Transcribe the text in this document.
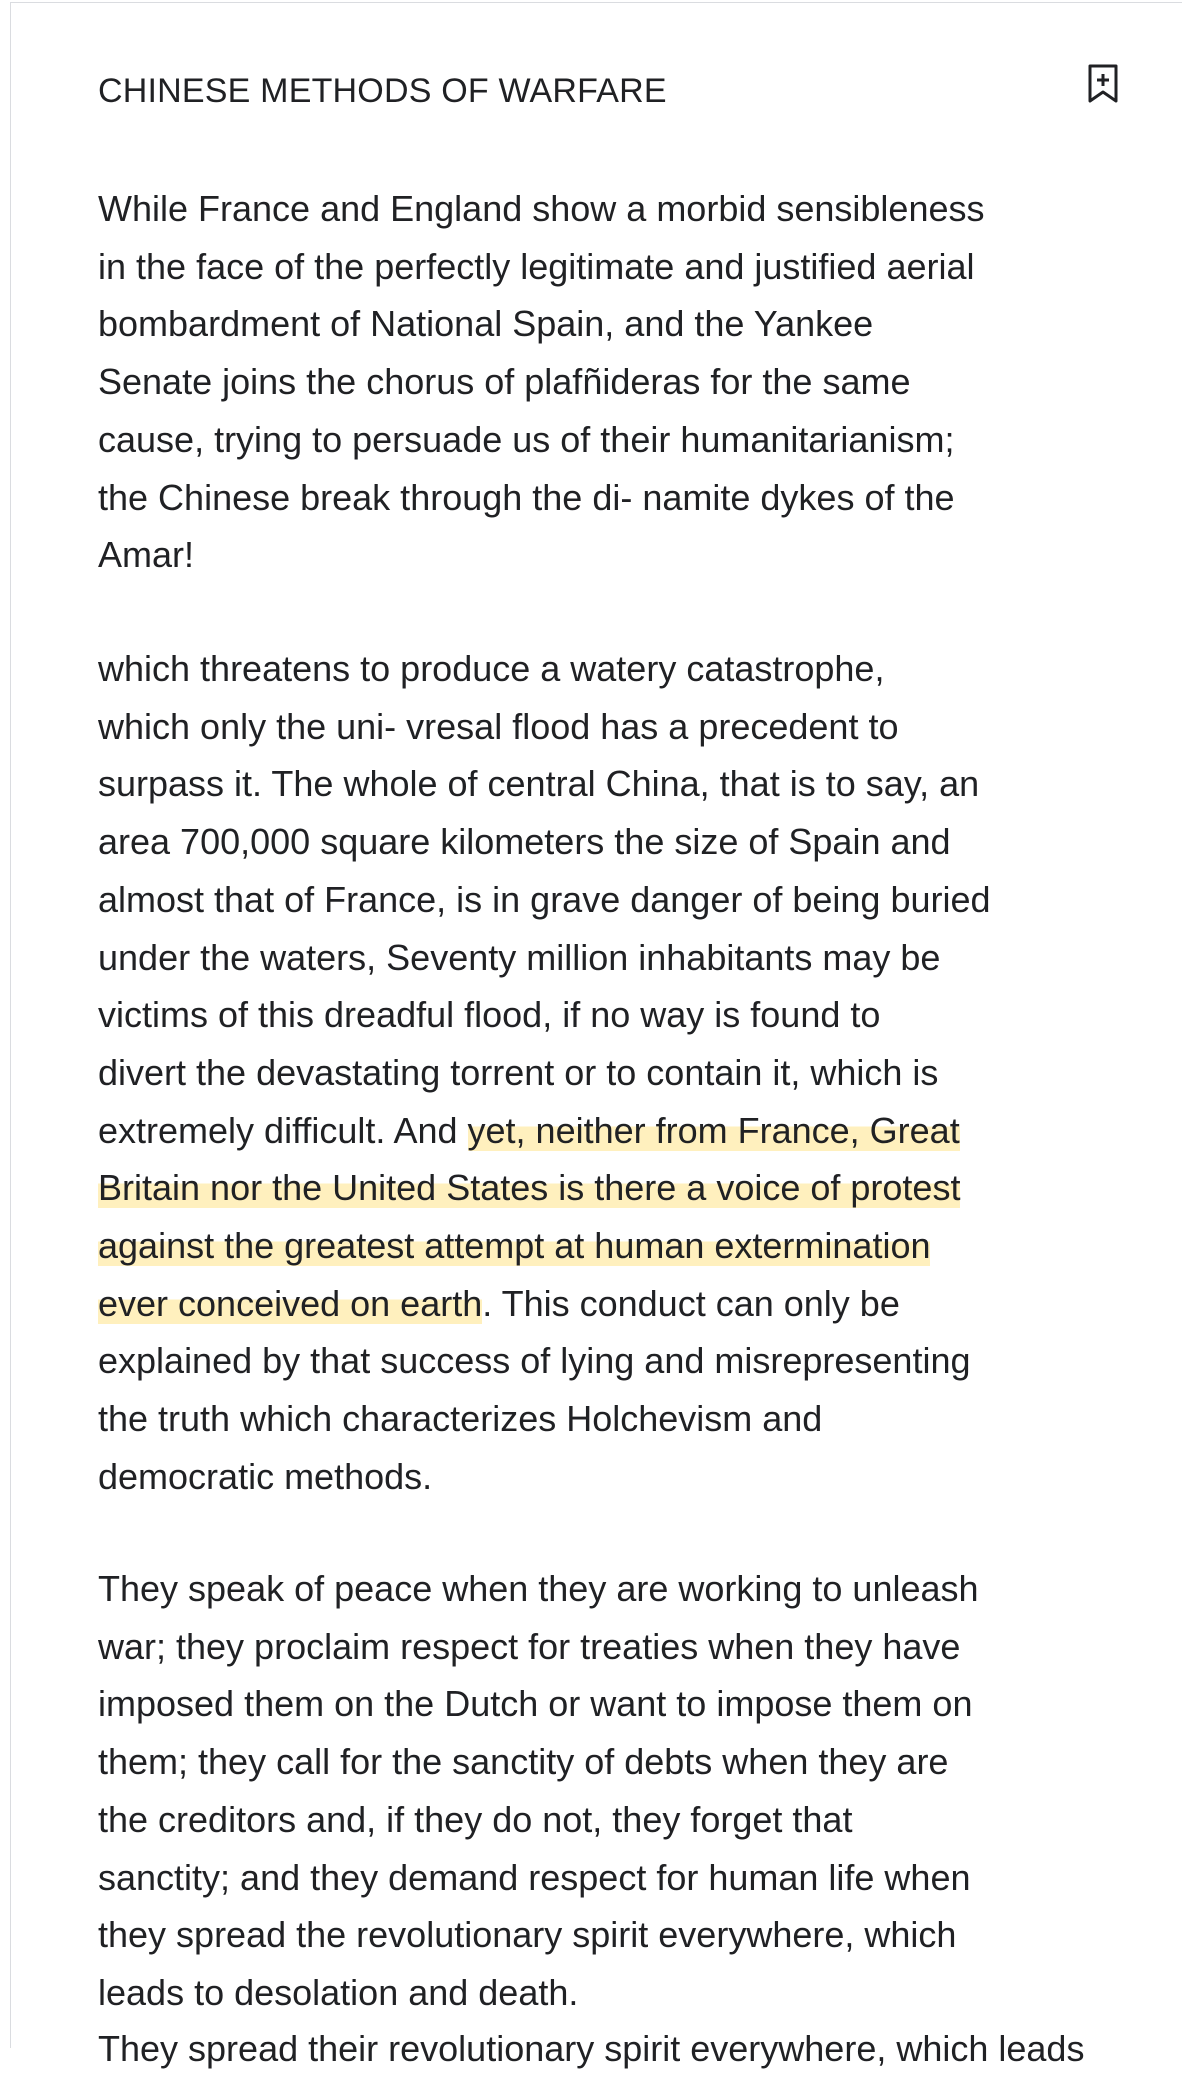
CHINESE METHODS OF WARFARE

While France and England show a morbid sensibleness
in the face of the perfectly legitimate and justified aerial
bombardment of National Spain, and the Yankee
Senate joins the chorus of plafñideras for the same
cause, trying to persuade us of their humanitarianism;
the Chinese break through the di- namite dykes of the
Amar!

which threatens to produce a watery catastrophe,
which only the uni- vresal flood has a precedent to
surpass it. The whole of central China, that is to say, an
area 700,000 square kilometers the size of Spain and
almost that of France, is in grave danger of being buried
under the waters, Seventy million inhabitants may be
victims of this dreadful flood, if no way is found to
divert the devastating torrent or to contain it, which is
extremely difficult. And yet, neither from France, Great
Britain nor the United States is there a voice of protest
against the greatest attempt at human extermination
ever conceived on earth. This conduct can only be
explained by that success of lying and misrepresenting
the truth which characterizes Holchevism and
democratic methods.

They speak of peace when they are working to unleash
war; they proclaim respect for treaties when they have
imposed them on the Dutch or want to impose them on
them; they call for the sanctity of debts when they are
the creditors and, if they do not, they forget that
sanctity; and they demand respect for human life when
they spread the revolutionary spirit everywhere, which
leads to desolation and death.

They spread their revolutionary spirit everywhere, which leads
